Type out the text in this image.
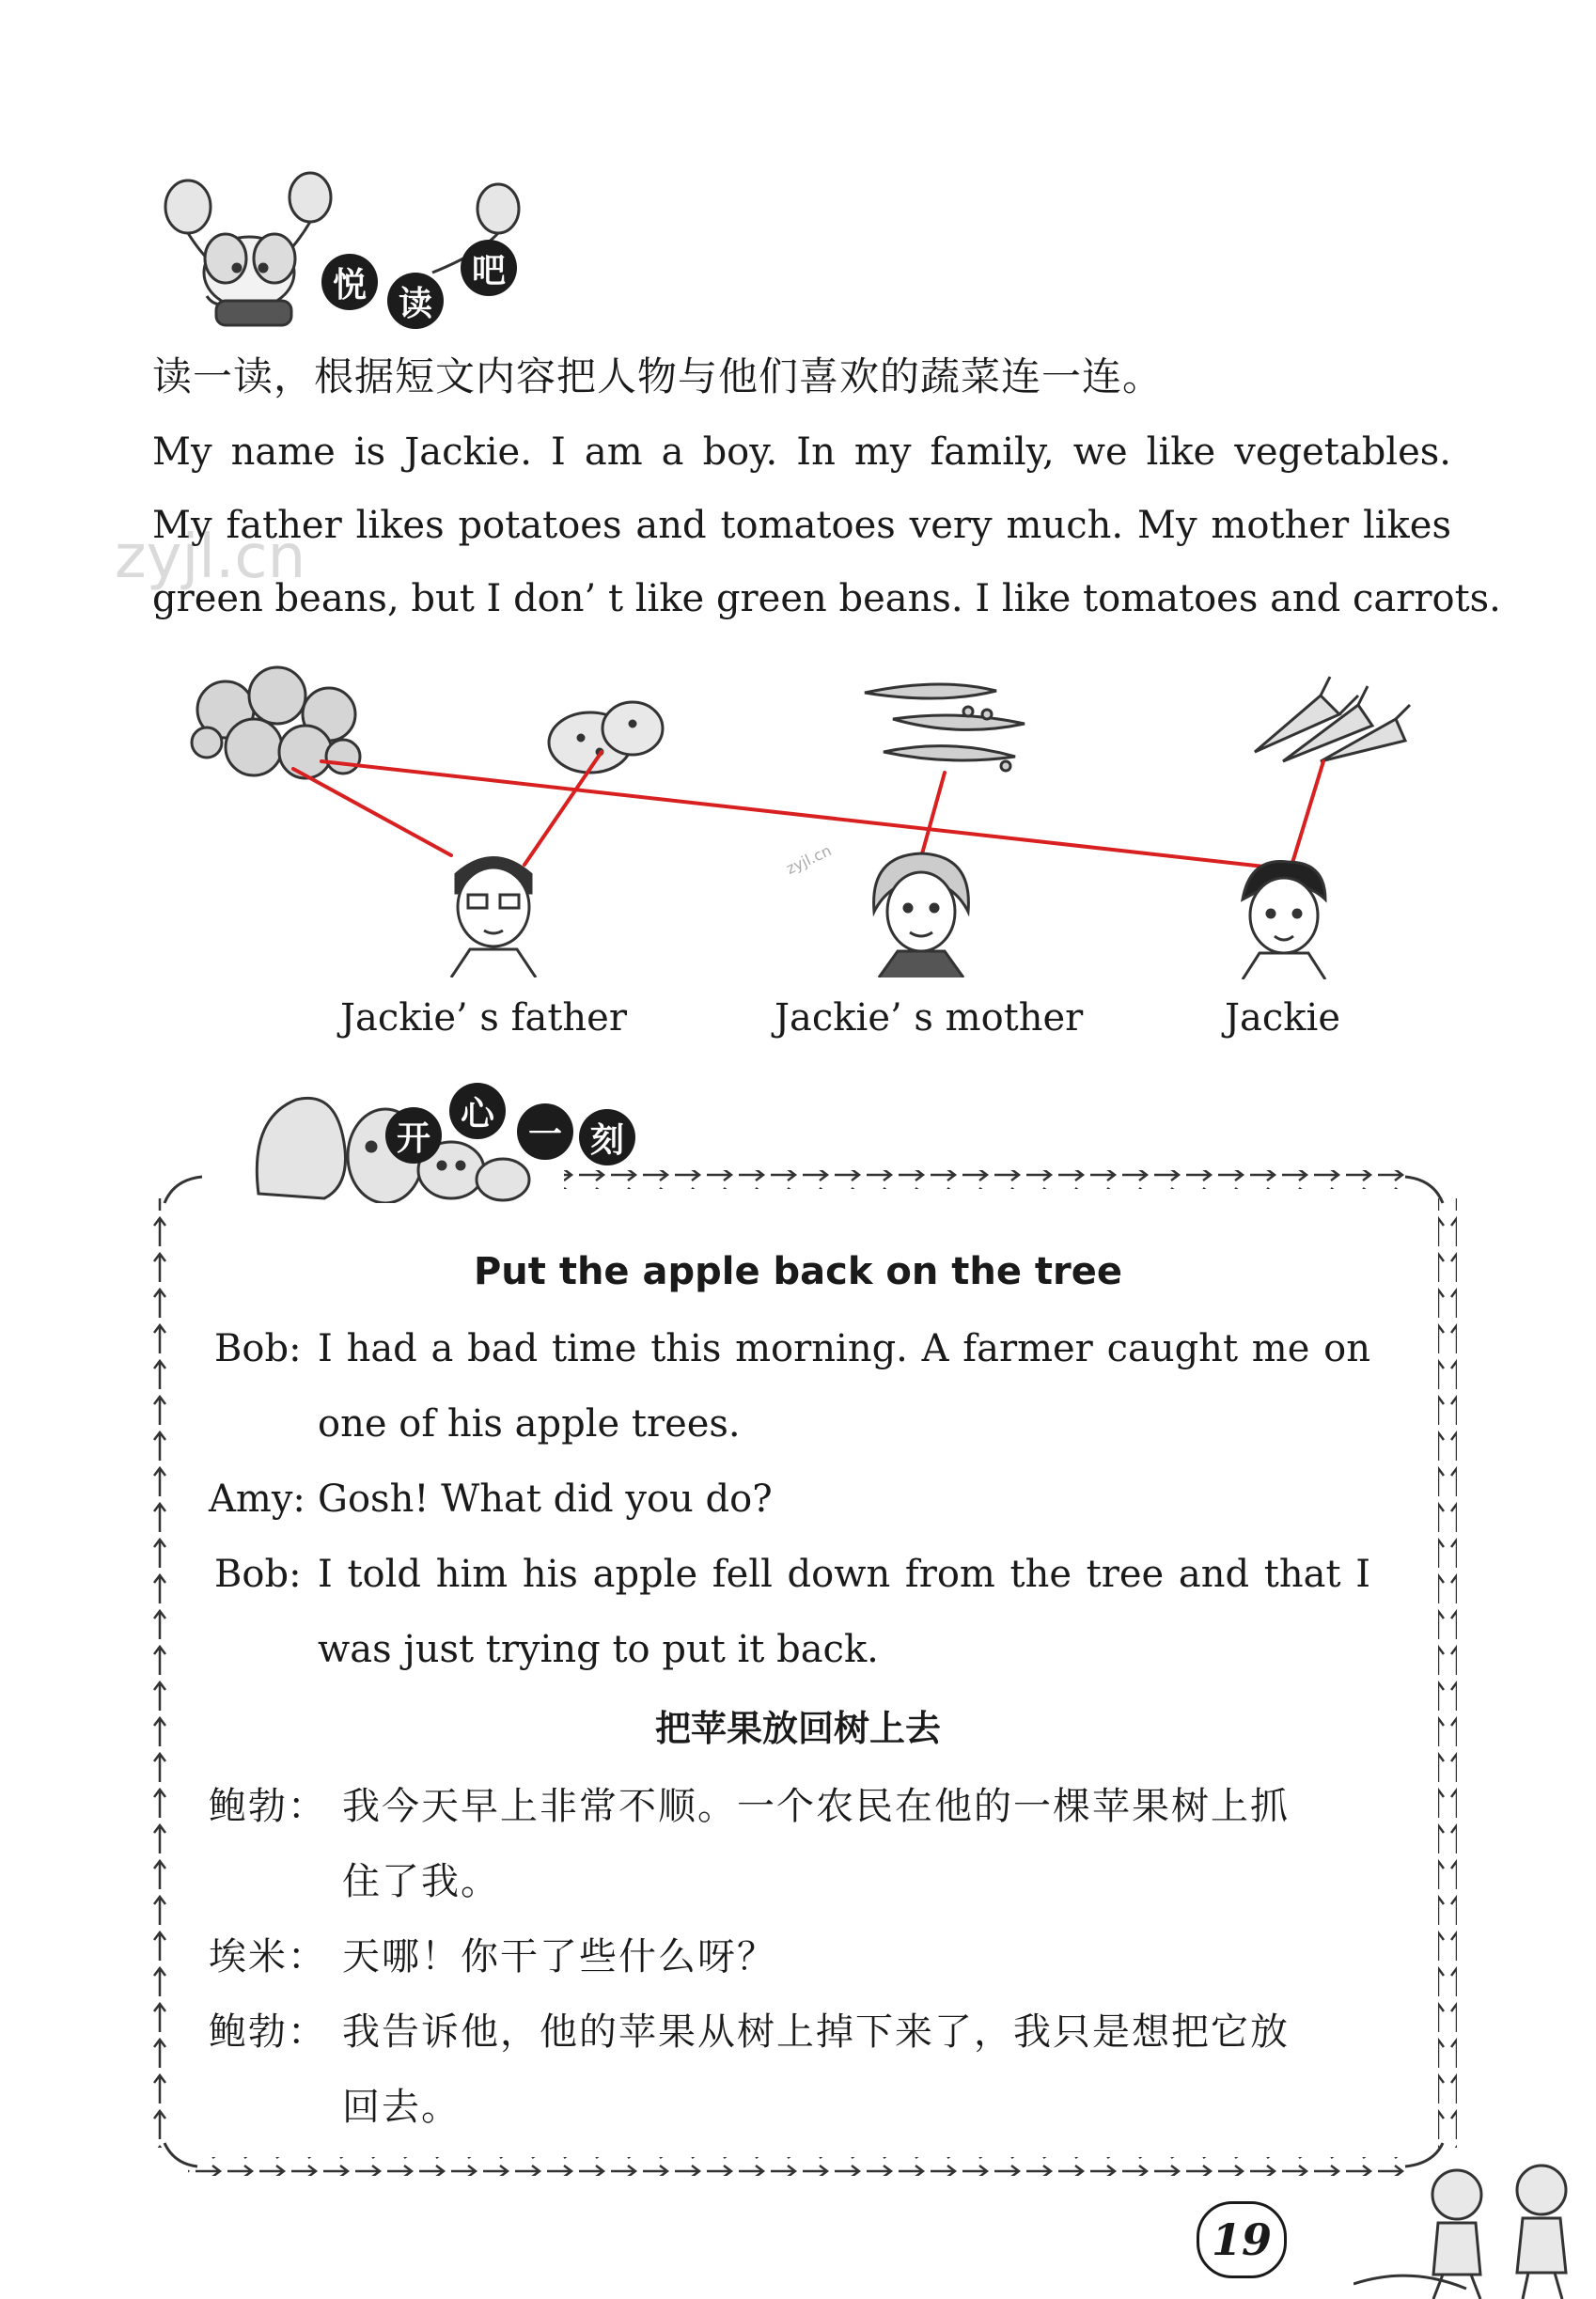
悦 读
吧
读一读，根据短文内容把人物与他们喜欢的蔬菜连一连。
My name is Jackie. I am a boy. In my family, we like vegetables.
My father likes potatoes and tomatoes very much. My mother likes
green beans, but I don’ t like green beans. I like tomatoes and carrots.
zyjl.cn
zyjl.cn
Jackie’ s father	Jackie’ s mother	Jackie
开
心
一 刻
Put the apple back on the tree
Bob: I had a bad time this morning. A farmer caught me on
one of his apple trees.
Amy: Gosh! What did you do?
Bob: I told him his apple fell down from the tree and that I
was just trying to put it back.
把苹果放回树上去
鲍勃： 我今天早上非常不顺。一个农民在他的一棵苹果树上抓
住了我。
埃米： 天哪！你干了些什么呀？
鲍勃： 我告诉他，他的苹果从树上掉下来了，我只是想把它放
回去。
19
